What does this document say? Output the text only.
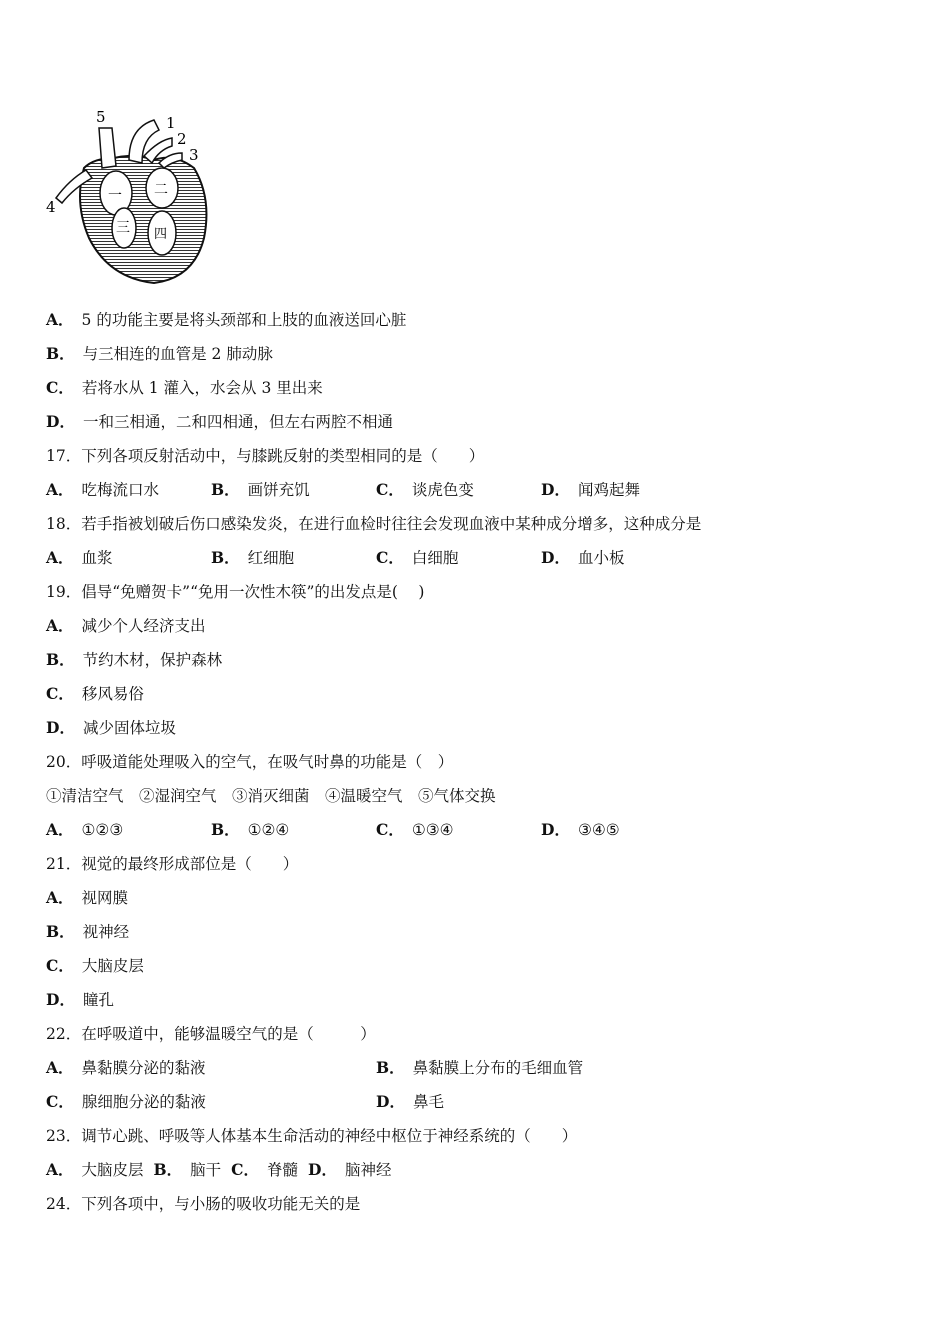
5	1
2
3
4
一 二
三 四
A． 5 的功能主要是将头颈部和上肢的血液送回心脏
B． 与三相连的血管是 2 肺动脉
C． 若将水从 1 灌入，水会从 3 里出来
D． 一和三相通，二和四相通，但左右两腔不相通
17．下列各项反射活动中，与膝跳反射的类型相同的是（　　）
A． 吃梅流口水	B． 画饼充饥	C． 谈虎色变	D． 闻鸡起舞
18．若手指被划破后伤口感染发炎，在进行血检时往往会发现血液中某种成分增多，这种成分是
A． 血浆	B． 红细胞	C． 白细胞	D． 血小板
19．倡导“免赠贺卡”“免用一次性木筷”的出发点是(　 )
A． 减少个人经济支出
B． 节约木材，保护森林
C． 移风易俗
D． 减少固体垃圾
20．呼吸道能处理吸入的空气，在吸气时鼻的功能是（　）
①清洁空气　②湿润空气　③消灭细菌　④温暖空气　⑤气体交换
A． ①②③	B． ①②④	C． ①③④	D． ③④⑤
21．视觉的最终形成部位是（　　）
A． 视网膜
B． 视神经
C． 大脑皮层
D． 瞳孔
22．在呼吸道中，能够温暖空气的是（　　　）
A． 鼻黏膜分泌的黏液	B． 鼻黏膜上分布的毛细血管
C． 腺细胞分泌的黏液	D． 鼻毛
23．调节心跳、呼吸等人体基本生命活动的神经中枢位于神经系统的（　　）
A． 大脑皮层 B． 脑干 C． 脊髓 D． 脑神经
24．下列各项中，与小肠的吸收功能无关的是
